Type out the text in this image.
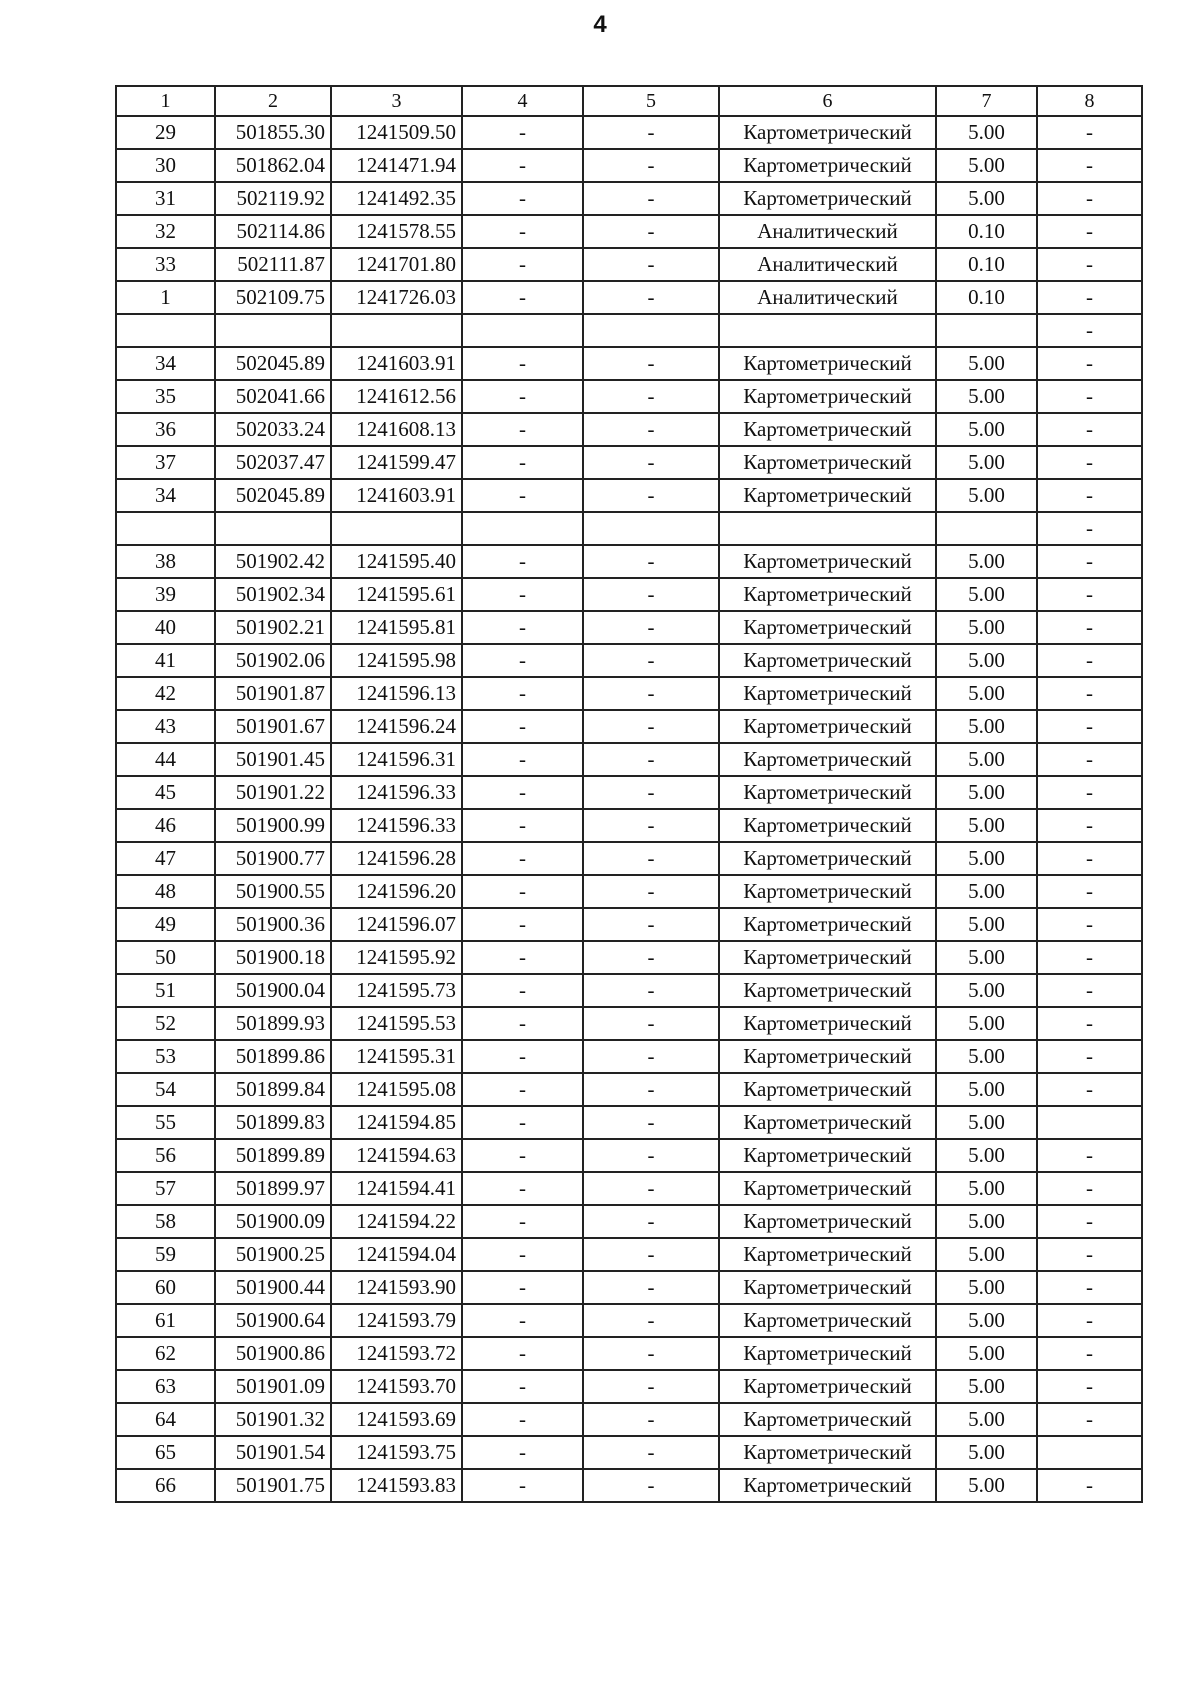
4
1	2	3	4	5	6	7	8
29	501855.30	1241509.50	-	-	Картометрический	5.00	-
30	501862.04	1241471.94	-	-	Картометрический	5.00	-
31	502119.92	1241492.35	-	-	Картометрический	5.00	-
32	502114.86	1241578.55	-	-	Аналитический	0.10	-
33	502111.87	1241701.80	-	-	Аналитический	0.10	-
1	502109.75	1241726.03	-	-	Аналитический	0.10	-
							-
34	502045.89	1241603.91	-	-	Картометрический	5.00	-
35	502041.66	1241612.56	-	-	Картометрический	5.00	-
36	502033.24	1241608.13	-	-	Картометрический	5.00	-
37	502037.47	1241599.47	-	-	Картометрический	5.00	-
34	502045.89	1241603.91	-	-	Картометрический	5.00	-
							-
38	501902.42	1241595.40	-	-	Картометрический	5.00	-
39	501902.34	1241595.61	-	-	Картометрический	5.00	-
40	501902.21	1241595.81	-	-	Картометрический	5.00	-
41	501902.06	1241595.98	-	-	Картометрический	5.00	-
42	501901.87	1241596.13	-	-	Картометрический	5.00	-
43	501901.67	1241596.24	-	-	Картометрический	5.00	-
44	501901.45	1241596.31	-	-	Картометрический	5.00	-
45	501901.22	1241596.33	-	-	Картометрический	5.00	-
46	501900.99	1241596.33	-	-	Картометрический	5.00	-
47	501900.77	1241596.28	-	-	Картометрический	5.00	-
48	501900.55	1241596.20	-	-	Картометрический	5.00	-
49	501900.36	1241596.07	-	-	Картометрический	5.00	-
50	501900.18	1241595.92	-	-	Картометрический	5.00	-
51	501900.04	1241595.73	-	-	Картометрический	5.00	-
52	501899.93	1241595.53	-	-	Картометрический	5.00	-
53	501899.86	1241595.31	-	-	Картометрический	5.00	-
54	501899.84	1241595.08	-	-	Картометрический	5.00	-
55	501899.83	1241594.85	-	-	Картометрический	5.00	
56	501899.89	1241594.63	-	-	Картометрический	5.00	-
57	501899.97	1241594.41	-	-	Картометрический	5.00	-
58	501900.09	1241594.22	-	-	Картометрический	5.00	-
59	501900.25	1241594.04	-	-	Картометрический	5.00	-
60	501900.44	1241593.90	-	-	Картометрический	5.00	-
61	501900.64	1241593.79	-	-	Картометрический	5.00	-
62	501900.86	1241593.72	-	-	Картометрический	5.00	-
63	501901.09	1241593.70	-	-	Картометрический	5.00	-
64	501901.32	1241593.69	-	-	Картометрический	5.00	-
65	501901.54	1241593.75	-	-	Картометрический	5.00	
66	501901.75	1241593.83	-	-	Картометрический	5.00	-
